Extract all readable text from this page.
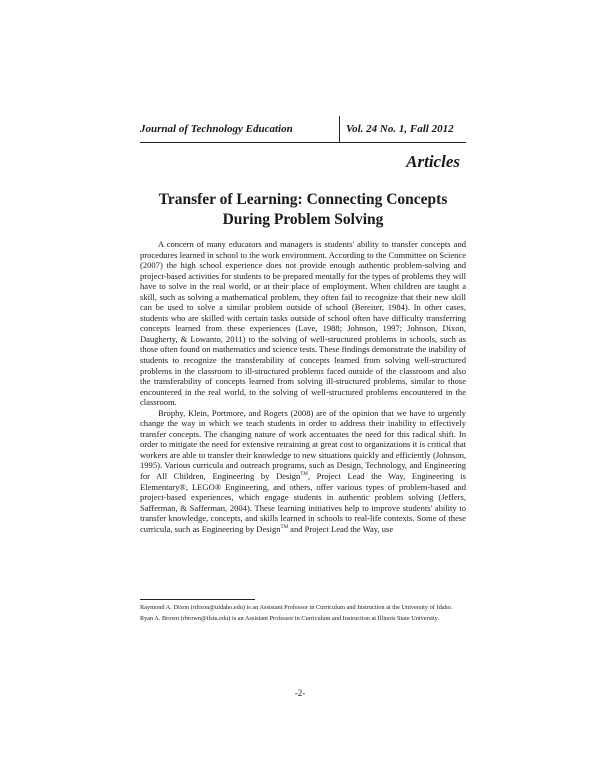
Journal of Technology Education	Vol. 24 No. 1, Fall 2012
Articles
Transfer of Learning: Connecting Concepts
During Problem Solving

A concern of many educators and managers is students' ability to transfer concepts and procedures learned in school to the work environment. According to the Committee on Science (2007) the high school experience does not provide enough authentic problem-solving and project-based activities for students to be prepared mentally for the types of problems they will have to solve in the real world, or at their place of employment. When children are taught a skill, such as solving a mathematical problem, they often fail to recognize that their new skill can be used to solve a similar problem outside of school (Bereiter, 1984). In other cases, students who are skilled with certain tasks outside of school often have difficulty transferring concepts learned from these experiences (Lave, 1988; Johnson, 1997; Johnson, Dixon, Daugherty, & Lowanto, 2011) to the solving of well-structured problems in schools, such as those often found on mathematics and science tests. These findings demonstrate the inability of students to recognize the transferability of concepts learned from solving well-structured problems in the classroom to ill-structured problems faced outside of the classroom and also the transferability of concepts learned from solving ill-structured problems, similar to those encountered in the real world, to the solving of well-structured problems encountered in the classroom.

Brophy, Klein, Portmore, and Rogers (2008) are of the opinion that we have to urgently change the way in which we teach students in order to address their inability to effectively transfer concepts. The changing nature of work accentuates the need for this radical shift. In order to mitigate the need for extensive retraining at great cost to organizations it is critical that workers are able to transfer their knowledge to new situations quickly and efficiently (Johnson, 1995). Various curricula and outreach programs, such as Design, Technology, and Engineering for All Children, Engineering by Design™, Project Lead the Way, Engineering is Elementary®, LEGO® Engineering, and others, offer various types of problem-based and project-based experiences, which engage students in authentic problem solving (Jeffers, Safferman, & Safferman, 2004). These learning initiatives help to improve students' ability to transfer knowledge, concepts, and skills learned in schools to real-life contexts. Some of these curricula, such as Engineering by Design™ and Project Lead the Way, use

Raymond A. Dixon (rdixon@uidaho.edu) is an Assistant Professor in Curriculum and Instruction at the University of Idaho. Ryan A. Brown (rbrown@ilstu.edu) is an Assistant Professor in Curriculum and Instruction at Illinois State University.
-2-
